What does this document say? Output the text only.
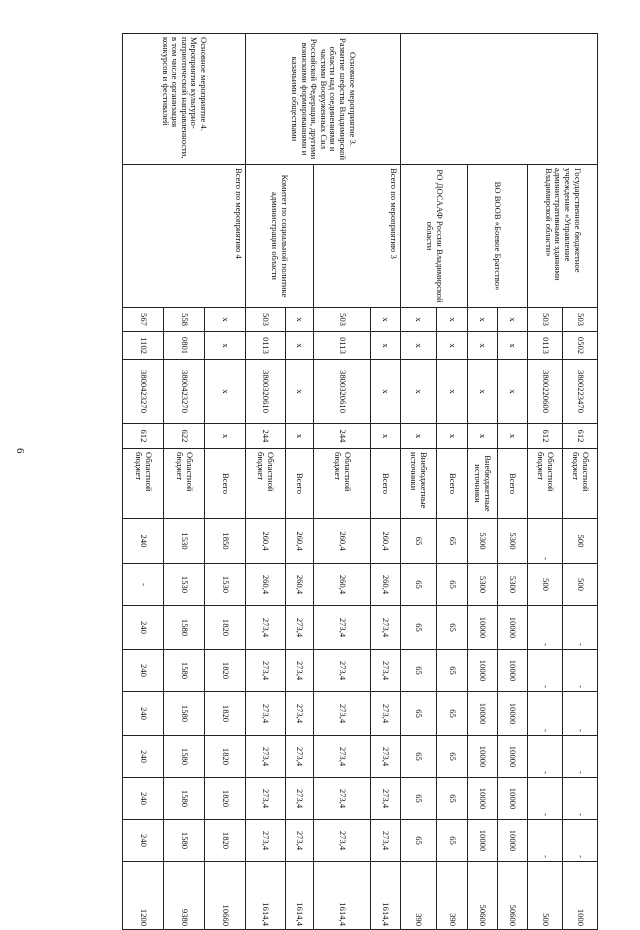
6
	Государственное бюджетное учреждение «Управление административными зданиями Владимирской области»	503	0502	3800223470	612	Областной бюджет	500	500	-	-	-	-	-	-	1000
		503	0113	3800220600	612	Областной бюджет	-	500	-	-	-	-	-	-	500
	ВО ВООВ «Боевое Братство»	х	х	х	х	Всего	5300	5300	10000	10000	10000	10000	10000	10000	50600
		х	х	х	х	Внебюджетные источники	5300	5300	10000	10000	10000	10000	10000	10000	50600
	РО ДОСААФ России Владимирской области	х	х	х	х	Всего	65	65	65	65	65	65	65	65	390
		х	х	х	х	Внебюджетные источники	65	65	65	65	65	65	65	65	390
Основное мероприятие 3. Развитие шефства Владимирской области над соединениями и частями Вооруженных Сил Российской Федерации, другими воинскими формированиями и казачьими обществами	Всего по мероприятию 3	х	х	х	х	Всего	260,4	260,4	273,4	273,4	273,4	273,4	273,4	273,4	1614,4
		503	0113	3800320610	244	Областной бюджет	260,4	260,4	273,4	273,4	273,4	273,4	273,4	273,4	1614,4
	Комитет по социальной политике администрации области	х	х	х	х	Всего	260,4	260,4	273,4	273,4	273,4	273,4	273,4	273,4	1614,4
		503	0113	3800320610	244	Областной бюджет	260,4	260,4	273,4	273,4	273,4	273,4	273,4	273,4	1614,4
Основное мероприятие 4. Мероприятия культурно-патриотической направленности, в том числе организация конкурсов и фестивалей	Всего по мероприятию 4	х	х	х	х	Всего	1850	1530	1820	1820	1820	1820	1820	1820	10660
		558	0801	3800423270	622	Областной бюджет	1530	1530	1580	1580	1580	1580	1580	1580	9380
		567	1102	3800423270	612	Областной бюджет	240	-	240	240	240	240	240	240	1200
